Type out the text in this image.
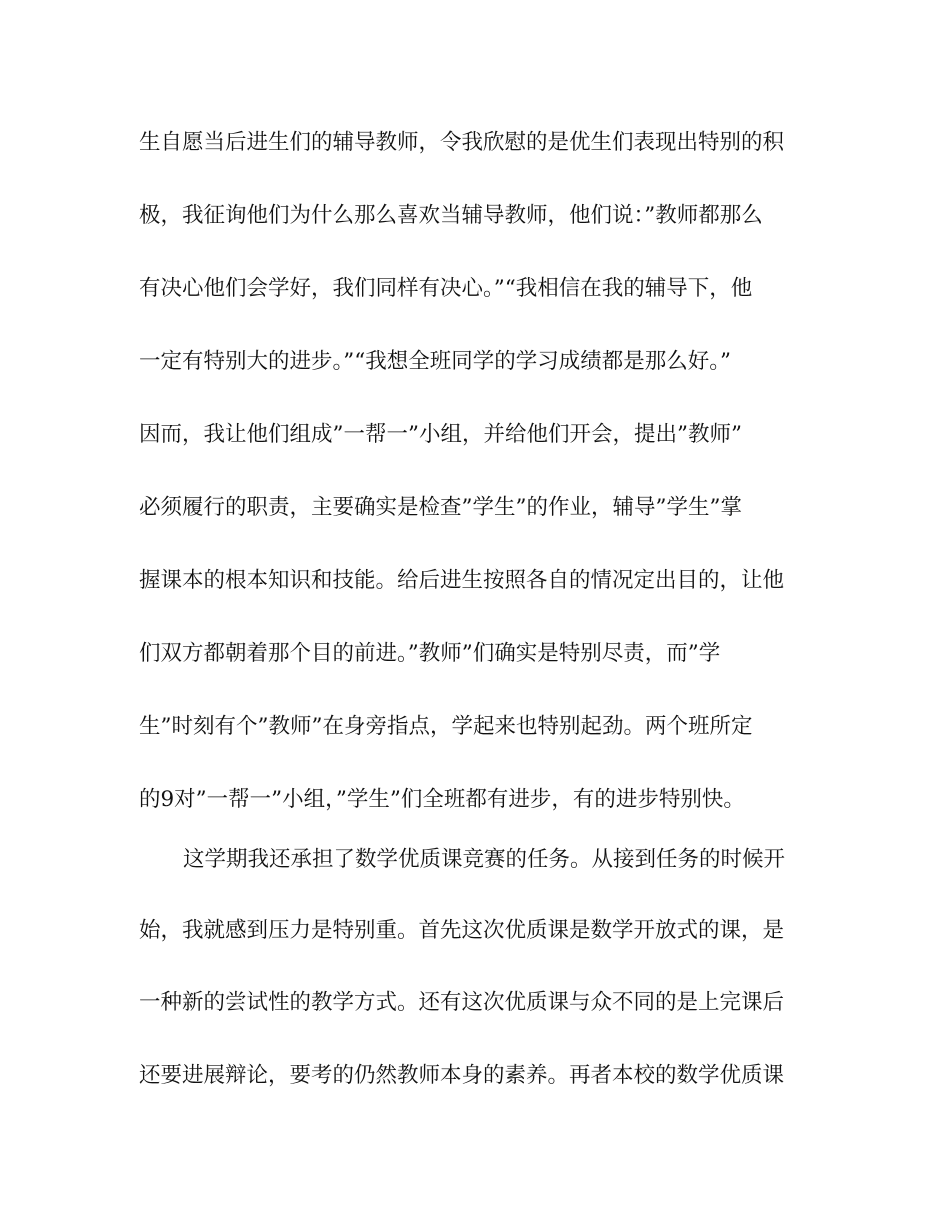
生自愿当后进生们的辅导教师，令我欣慰的是优生们表现出特别的积
极，我征询他们为什么那么喜欢当辅导教师，他们说：”教师都那么
有决心他们会学好，我们同样有决心。”“我相信在我的辅导下，他
一定有特别大的进步。”“我想全班同学的学习成绩都是那么好。”
因而，我让他们组成”一帮一”小组，并给他们开会，提出”教师”
必须履行的职责，主要确实是检查”学生”的作业，辅导”学生”掌
握课本的根本知识和技能。给后进生按照各自的情况定出目的，让他
们双方都朝着那个目的前进。”教师”们确实是特别尽责，而”学
生”时刻有个”教师”在身旁指点，学起来也特别起劲。两个班所定
的9对”一帮一”小组，”学生”们全班都有进步，有的进步特别快。
这学期我还承担了数学优质课竞赛的任务。从接到任务的时候开
始，我就感到压力是特别重。首先这次优质课是数学开放式的课，是
一种新的尝试性的教学方式。还有这次优质课与众不同的是上完课后
还要进展辩论，要考的仍然教师本身的素养。再者本校的数学优质课
